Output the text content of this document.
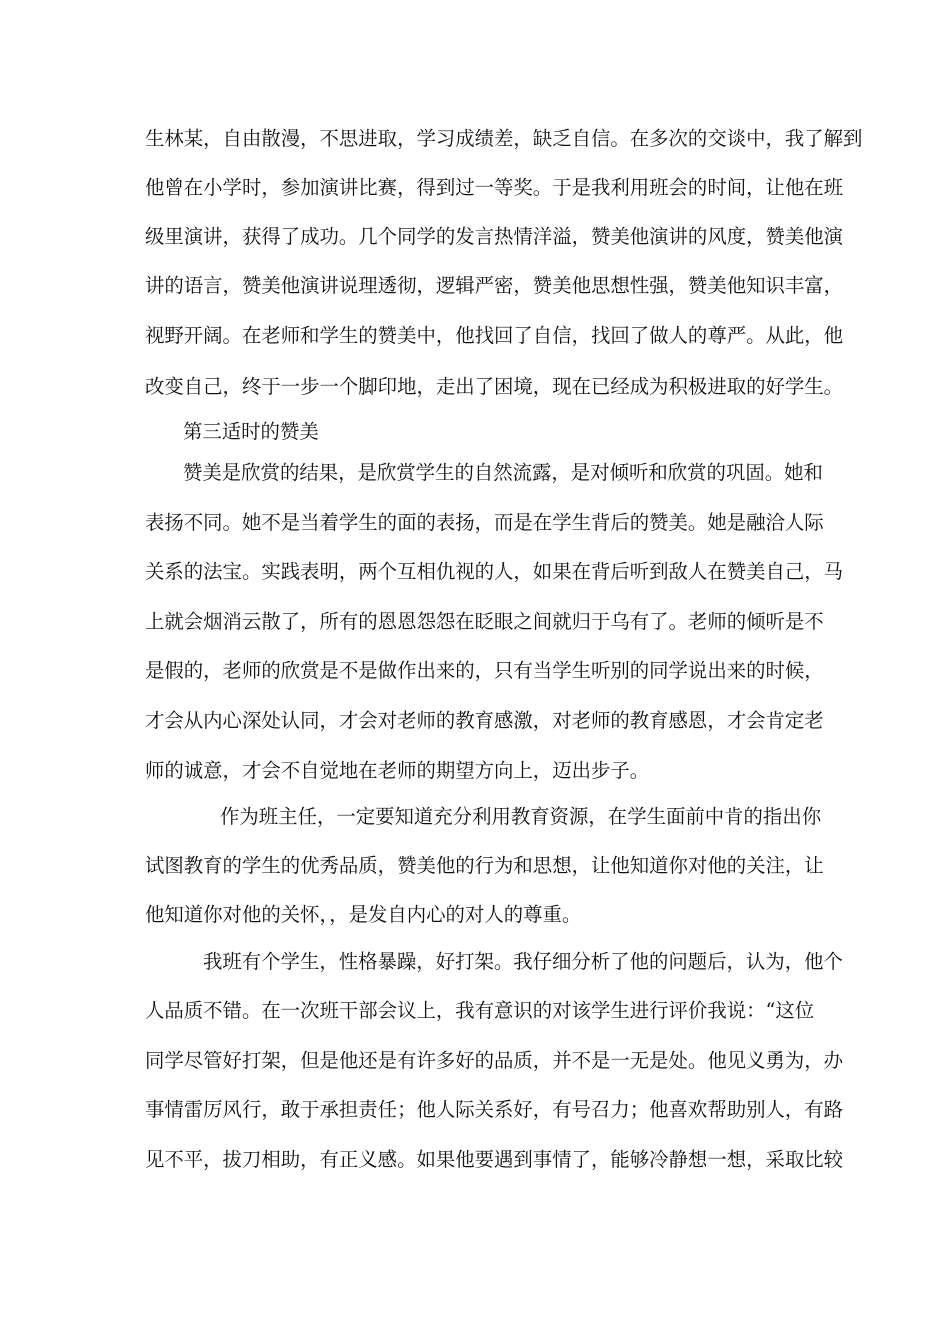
生林某，自由散漫，不思进取，学习成绩差，缺乏自信。在多次的交谈中，我了解到
他曾在小学时，参加演讲比赛，得到过一等奖。于是我利用班会的时间，让他在班
级里演讲，获得了成功。几个同学的发言热情洋溢，赞美他演讲的风度，赞美他演
讲的语言，赞美他演讲说理透彻，逻辑严密，赞美他思想性强，赞美他知识丰富，
视野开阔。在老师和学生的赞美中，他找回了自信，找回了做人的尊严。从此，他
改变自己，终于一步一个脚印地，走出了困境，现在已经成为积极进取的好学生。
第三适时的赞美
赞美是欣赏的结果，是欣赏学生的自然流露，是对倾听和欣赏的巩固。她和
表扬不同。她不是当着学生的面的表扬，而是在学生背后的赞美。她是融洽人际
关系的法宝。实践表明，两个互相仇视的人，如果在背后听到敌人在赞美自己，马
上就会烟消云散了，所有的恩恩怨怨在眨眼之间就归于乌有了。老师的倾听是不
是假的，老师的欣赏是不是做作出来的，只有当学生听别的同学说出来的时候，
才会从内心深处认同，才会对老师的教育感激，对老师的教育感恩，才会肯定老
师的诚意，才会不自觉地在老师的期望方向上，迈出步子。
作为班主任，一定要知道充分利用教育资源，在学生面前中肯的指出你
试图教育的学生的优秀品质，赞美他的行为和思想，让他知道你对他的关注，让
他知道你对他的关怀，，是发自内心的对人的尊重。
我班有个学生，性格暴躁，好打架。我仔细分析了他的问题后，认为，他个
人品质不错。在一次班干部会议上，我有意识的对该学生进行评价我说：“这位
同学尽管好打架，但是他还是有许多好的品质，并不是一无是处。他见义勇为，办
事情雷厉风行，敢于承担责任；他人际关系好，有号召力；他喜欢帮助别人，有路
见不平，拔刀相助，有正义感。如果他要遇到事情了，能够冷静想一想，采取比较
